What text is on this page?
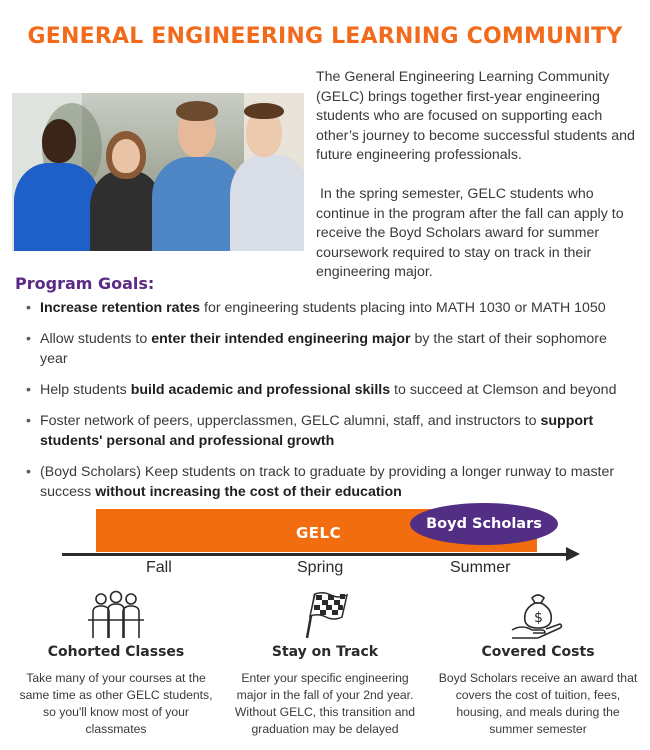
GENERAL ENGINEERING LEARNING COMMUNITY

The General Engineering Learning Community (GELC) brings together first-year engineering students who are focused on supporting each other’s journey to become successful students and future engineering professionals.

In the spring semester, GELC students who continue in the program after the fall can apply to receive the Boyd Scholars award for summer coursework required to stay on track in their engineering major.

Program Goals:
• Increase retention rates for engineering students placing into MATH 1030 or MATH 1050
• Allow students to enter their intended engineering major by the start of their sophomore year
• Help students build academic and professional skills to succeed at Clemson and beyond
• Foster network of peers, upperclassmen, GELC alumni, staff, and instructors to support students' personal and professional growth
• (Boyd Scholars) Keep students on track to graduate by providing a longer runway to master success without increasing the cost of their education
GELC	Boyd Scholars
Fall	Spring	Summer
Cohorted Classes
Take many of your courses at the same time as other GELC students, so you'll know most of your classmates
Stay on Track
Enter your specific engineering major in the fall of your 2nd year. Without GELC, this transition and graduation may be delayed
$
Covered Costs
Boyd Scholars receive an award that covers the cost of tuition, fees, housing, and meals during the summer semester
